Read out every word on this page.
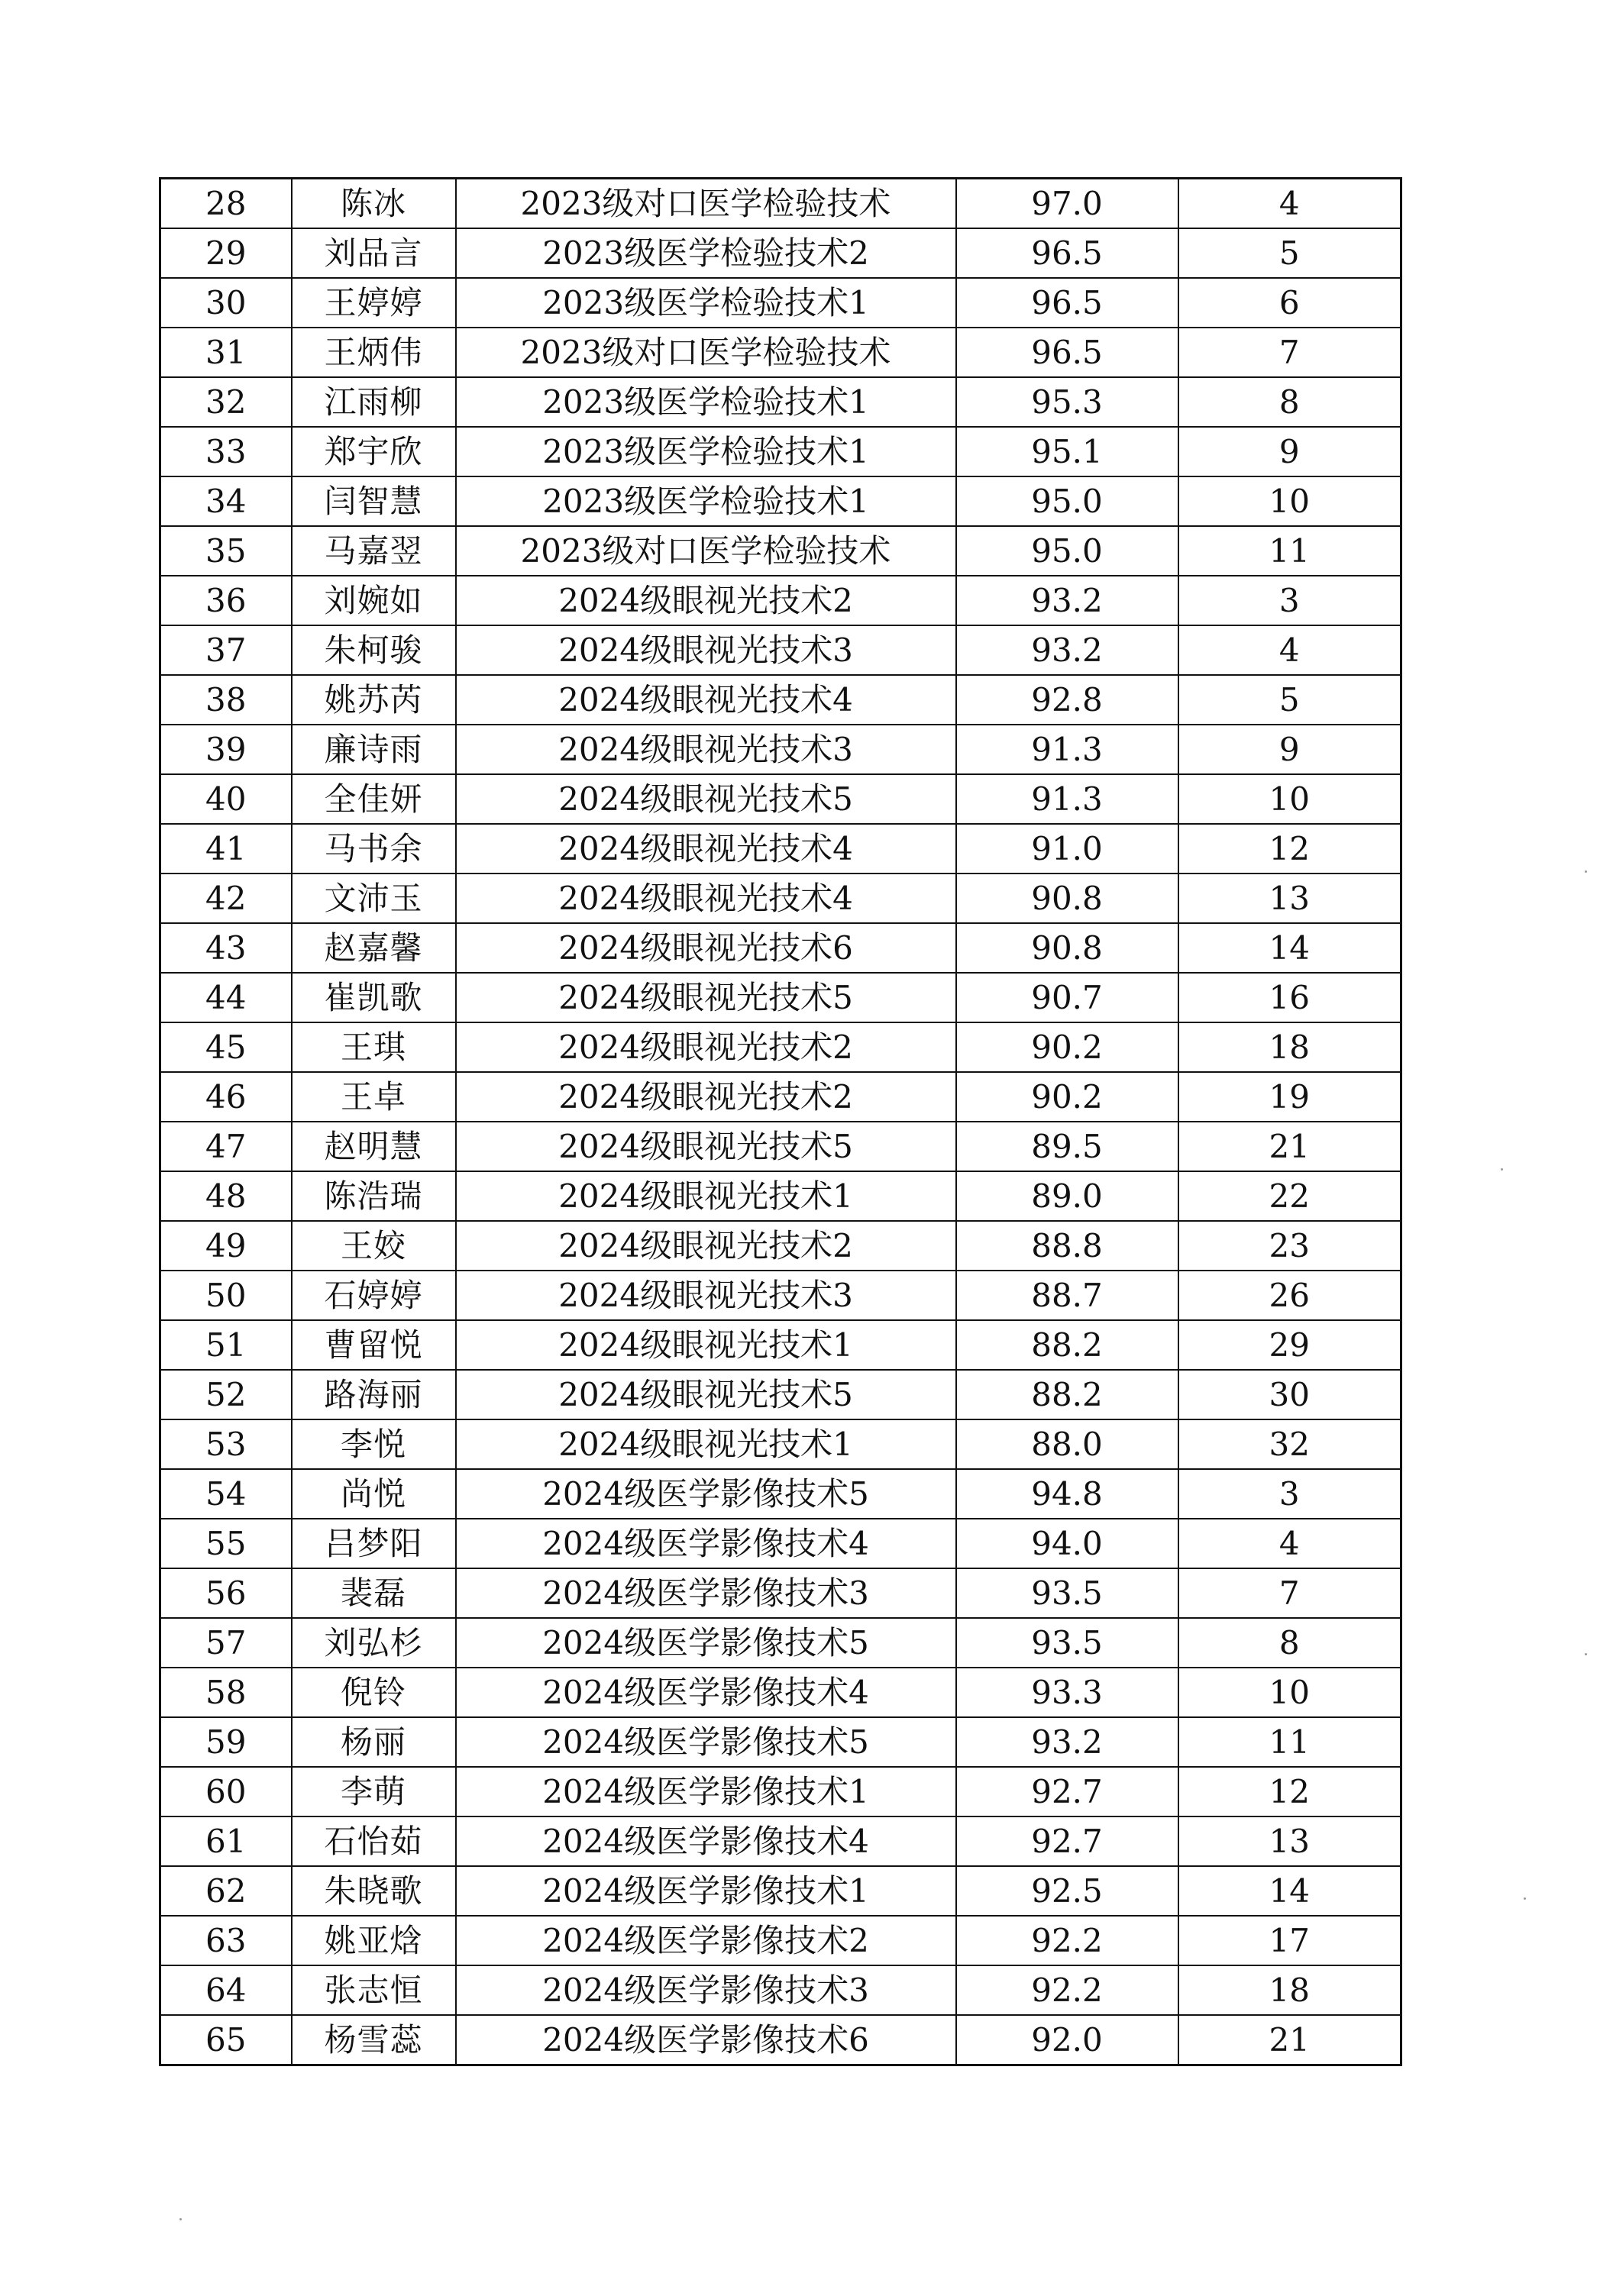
28	陈冰	2023级对口医学检验技术	97.0	4
29	刘品言	2023级医学检验技术2	96.5	5
30	王婷婷	2023级医学检验技术1	96.5	6
31	王炳伟	2023级对口医学检验技术	96.5	7
32	江雨柳	2023级医学检验技术1	95.3	8
33	郑宇欣	2023级医学检验技术1	95.1	9
34	闫智慧	2023级医学检验技术1	95.0	10
35	马嘉翌	2023级对口医学检验技术	95.0	11
36	刘婉如	2024级眼视光技术2	93.2	3
37	朱柯骏	2024级眼视光技术3	93.2	4
38	姚苏芮	2024级眼视光技术4	92.8	5
39	廉诗雨	2024级眼视光技术3	91.3	9
40	全佳妍	2024级眼视光技术5	91.3	10
41	马书余	2024级眼视光技术4	91.0	12
42	文沛玉	2024级眼视光技术4	90.8	13
43	赵嘉馨	2024级眼视光技术6	90.8	14
44	崔凯歌	2024级眼视光技术5	90.7	16
45	王琪	2024级眼视光技术2	90.2	18
46	王卓	2024级眼视光技术2	90.2	19
47	赵明慧	2024级眼视光技术5	89.5	21
48	陈浩瑞	2024级眼视光技术1	89.0	22
49	王姣	2024级眼视光技术2	88.8	23
50	石婷婷	2024级眼视光技术3	88.7	26
51	曹留悦	2024级眼视光技术1	88.2	29
52	路海丽	2024级眼视光技术5	88.2	30
53	李悦	2024级眼视光技术1	88.0	32
54	尚悦	2024级医学影像技术5	94.8	3
55	吕梦阳	2024级医学影像技术4	94.0	4
56	裴磊	2024级医学影像技术3	93.5	7
57	刘弘杉	2024级医学影像技术5	93.5	8
58	倪铃	2024级医学影像技术4	93.3	10
59	杨丽	2024级医学影像技术5	93.2	11
60	李萌	2024级医学影像技术1	92.7	12
61	石怡茹	2024级医学影像技术4	92.7	13
62	朱晓歌	2024级医学影像技术1	92.5	14
63	姚亚焓	2024级医学影像技术2	92.2	17
64	张志恒	2024级医学影像技术3	92.2	18
65	杨雪蕊	2024级医学影像技术6	92.0	21
